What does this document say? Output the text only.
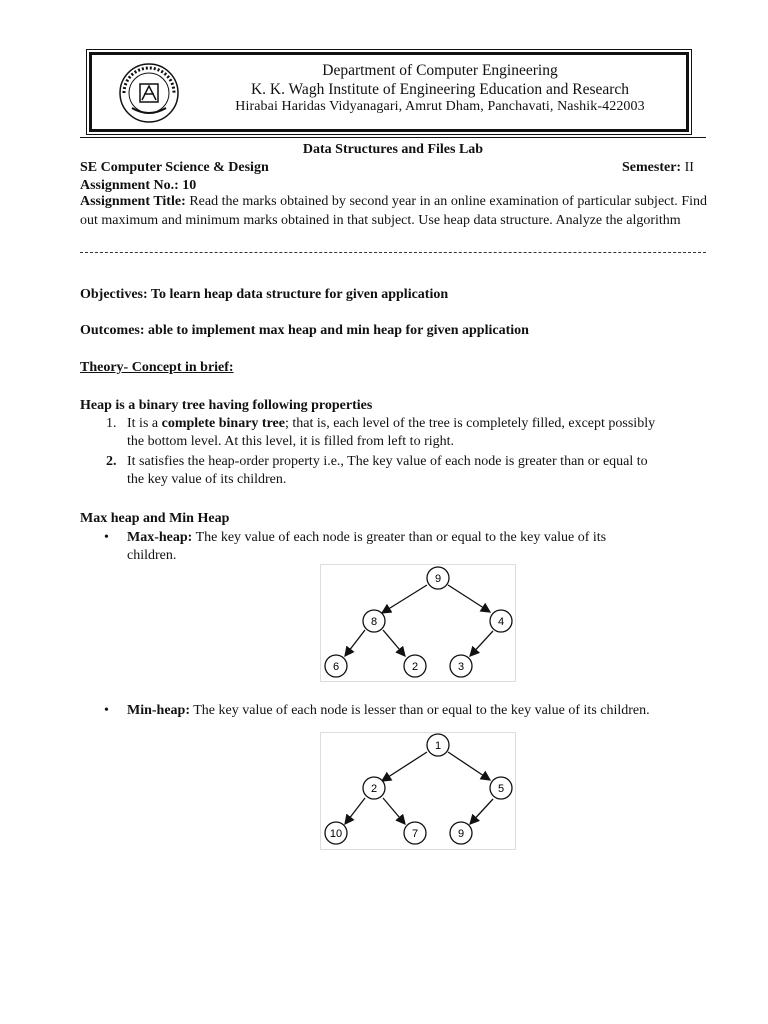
Department of Computer Engineering
K. K. Wagh Institute of Engineering Education and Research
Hirabai Haridas Vidyanagari, Amrut Dham, Panchavati, Nashik-422003
Data Structures and Files Lab
SE Computer Science & Design	Semester: II
Assignment No.: 10
Assignment Title: Read the marks obtained by second year in an online examination of particular subject. Find out maximum and minimum marks obtained in that subject. Use heap data structure. Analyze the algorithm
Objectives: To learn heap data structure for given application
Outcomes: able to implement max heap and min heap for given application
Theory- Concept in brief:
Heap is a binary tree having following properties
1. It is a complete binary tree; that is, each level of the tree is completely filled, except possibly
the bottom level. At this level, it is filled from left to right.
2. It satisfies the heap-order property i.e., The key value of each node is greater than or equal to
the key value of its children.
Max heap and Min Heap
• Max-heap: The key value of each node is greater than or equal to the key value of its
children.
9
8	4
6	2	3
• Min-heap: The key value of each node is lesser than or equal to the key value of its children.
1
2	5
10	7	9
